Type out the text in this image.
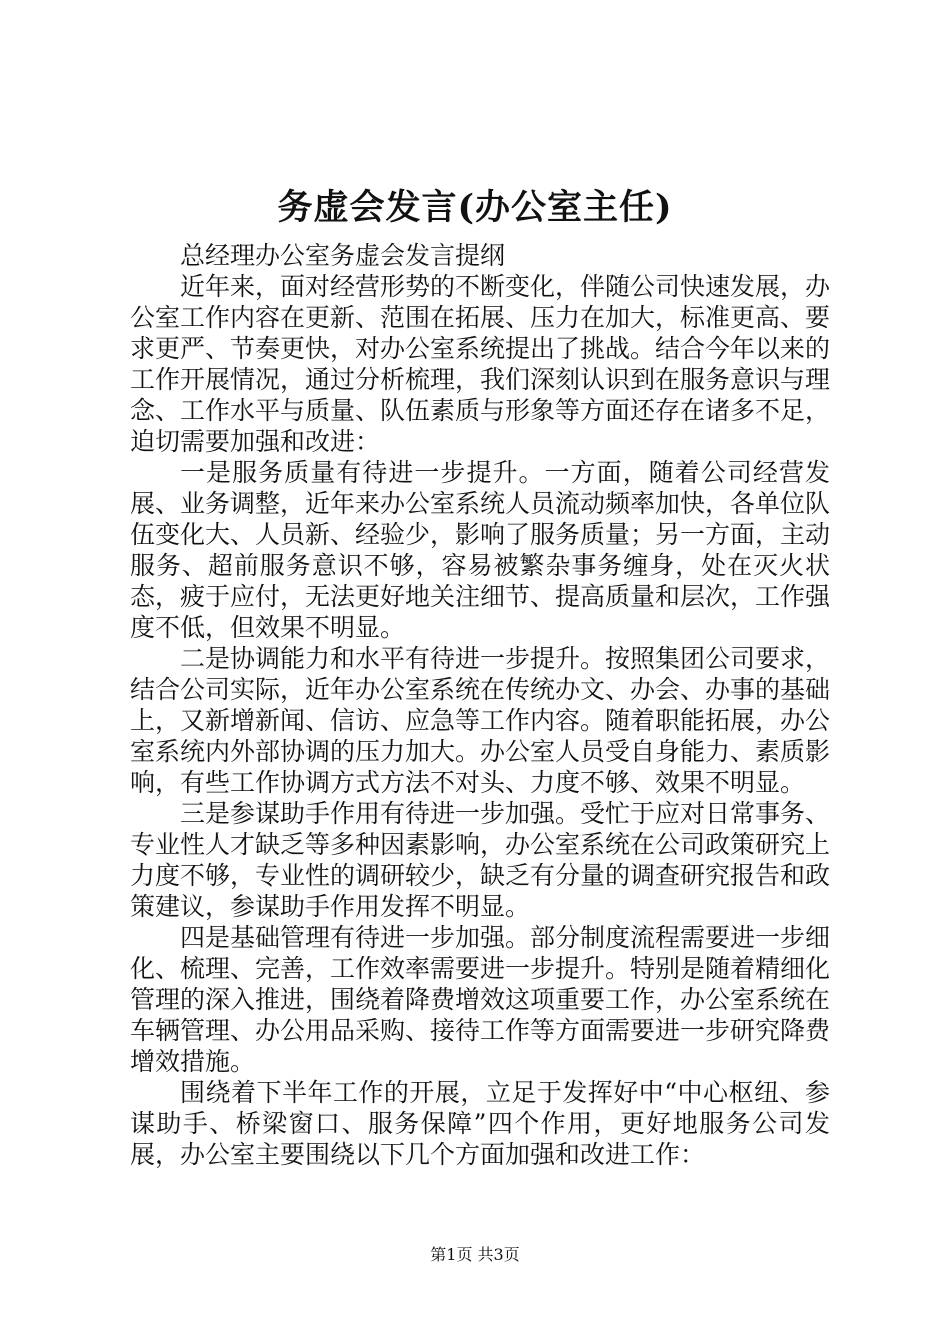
务虚会发言(办公室主任)

总经理办公室务虚会发言提纲

近年来，面对经营形势的不断变化，伴随公司快速发展，办公室工作内容在更新、范围在拓展、压力在加大，标准更高、要求更严、节奏更快，对办公室系统提出了挑战。结合今年以来的工作开展情况，通过分析梳理，我们深刻认识到在服务意识与理念、工作水平与质量、队伍素质与形象等方面还存在诸多不足，迫切需要加强和改进：

一是服务质量有待进一步提升。一方面，随着公司经营发展、业务调整，近年来办公室系统人员流动频率加快，各单位队伍变化大、人员新、经验少，影响了服务质量；另一方面，主动服务、超前服务意识不够，容易被繁杂事务缠身，处在灭火状态，疲于应付，无法更好地关注细节、提高质量和层次，工作强度不低，但效果不明显。

二是协调能力和水平有待进一步提升。按照集团公司要求，结合公司实际，近年办公室系统在传统办文、办会、办事的基础上，又新增新闻、信访、应急等工作内容。随着职能拓展，办公室系统内外部协调的压力加大。办公室人员受自身能力、素质影响，有些工作协调方式方法不对头、力度不够、效果不明显。

三是参谋助手作用有待进一步加强。受忙于应对日常事务、专业性人才缺乏等多种因素影响，办公室系统在公司政策研究上力度不够，专业性的调研较少，缺乏有分量的调查研究报告和政策建议，参谋助手作用发挥不明显。

四是基础管理有待进一步加强。部分制度流程需要进一步细化、梳理、完善，工作效率需要进一步提升。特别是随着精细化管理的深入推进，围绕着降费增效这项重要工作，办公室系统在车辆管理、办公用品采购、接待工作等方面需要进一步研究降费增效措施。

围绕着下半年工作的开展，立足于发挥好中“中心枢纽、参谋助手、桥梁窗口、服务保障”四个作用，更好地服务公司发展，办公室主要围绕以下几个方面加强和改进工作：

第1页 共3页
